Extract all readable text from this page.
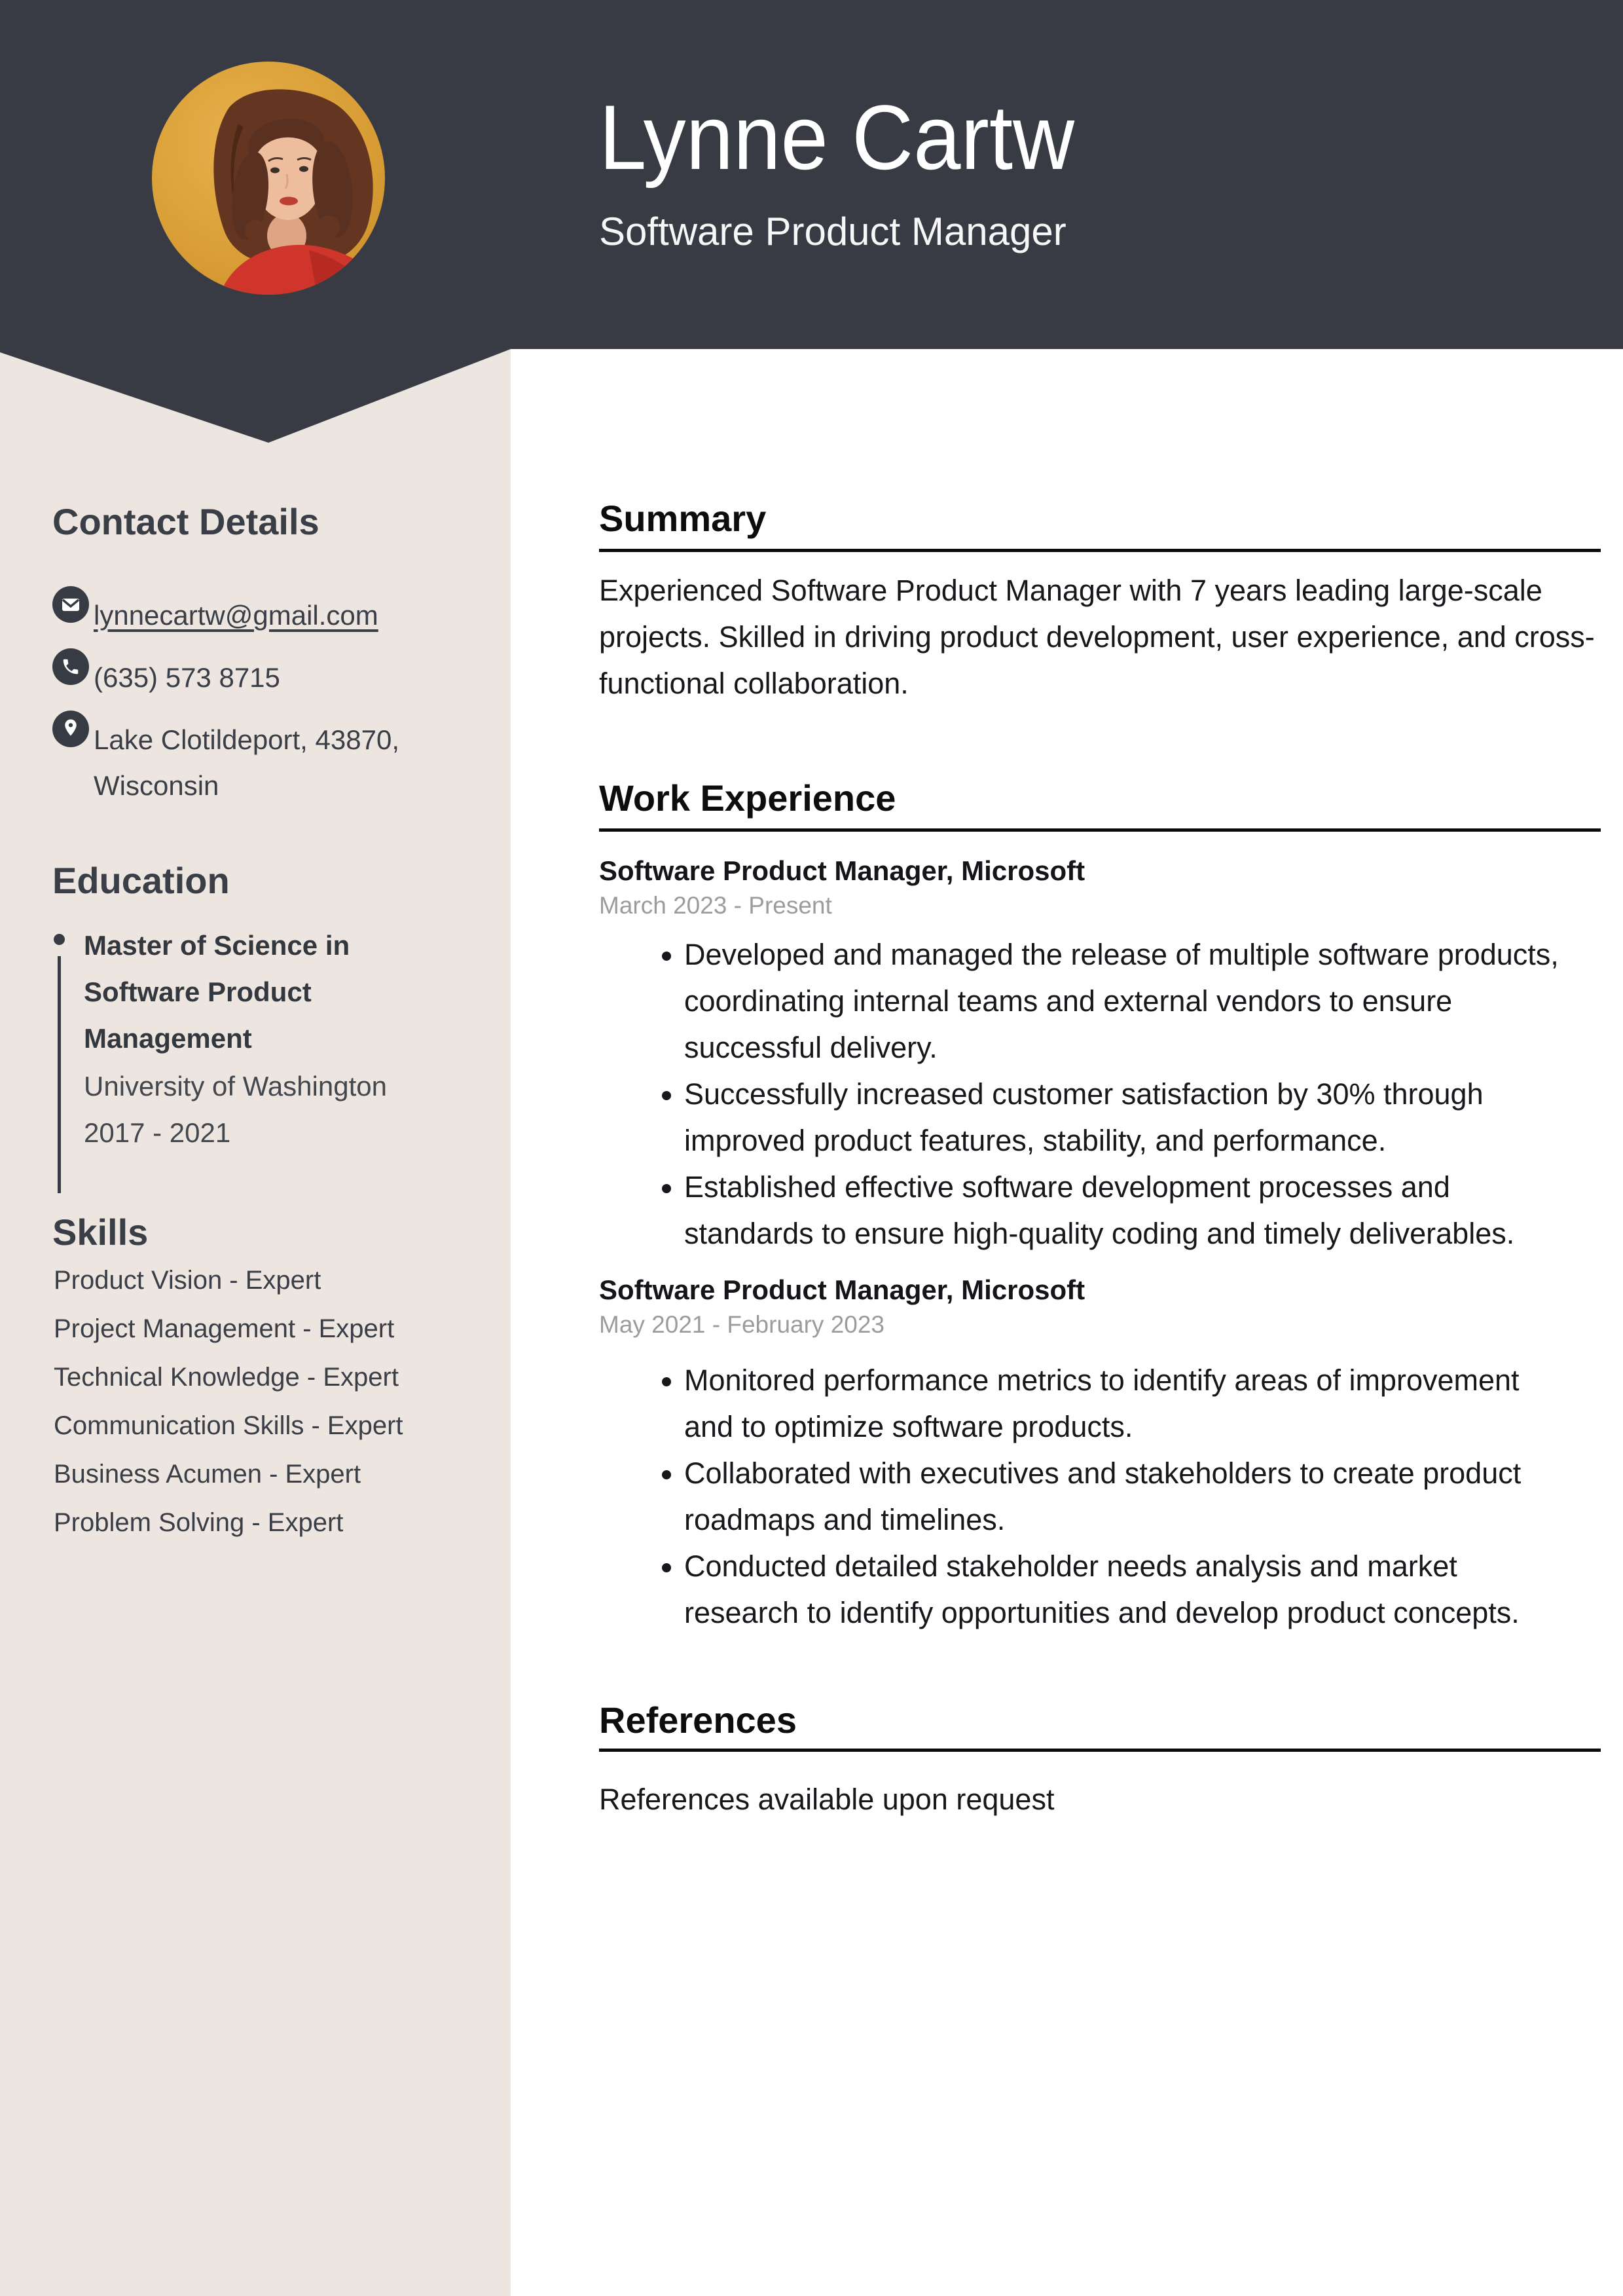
Lynne Cartw
Software Product Manager
Contact Details
lynnecartw@gmail.com
(635) 573 8715
Lake Clotildeport, 43870, Wisconsin
Education
Master of Science in Software Product Management
University of Washington
2017 - 2021
Skills
Product Vision - Expert
Project Management - Expert
Technical Knowledge - Expert
Communication Skills - Expert
Business Acumen - Expert
Problem Solving - Expert
Summary
Experienced Software Product Manager with 7 years leading large-scale projects. Skilled in driving product development, user experience, and cross-functional collaboration.
Work Experience
Software Product Manager, Microsoft
March 2023 - Present
• Developed and managed the release of multiple software products, coordinating internal teams and external vendors to ensure successful delivery.
• Successfully increased customer satisfaction by 30% through improved product features, stability, and performance.
• Established effective software development processes and standards to ensure high-quality coding and timely deliverables.
Software Product Manager, Microsoft
May 2021 - February 2023
• Monitored performance metrics to identify areas of improvement and to optimize software products.
• Collaborated with executives and stakeholders to create product roadmaps and timelines.
• Conducted detailed stakeholder needs analysis and market research to identify opportunities and develop product concepts.
References
References available upon request
